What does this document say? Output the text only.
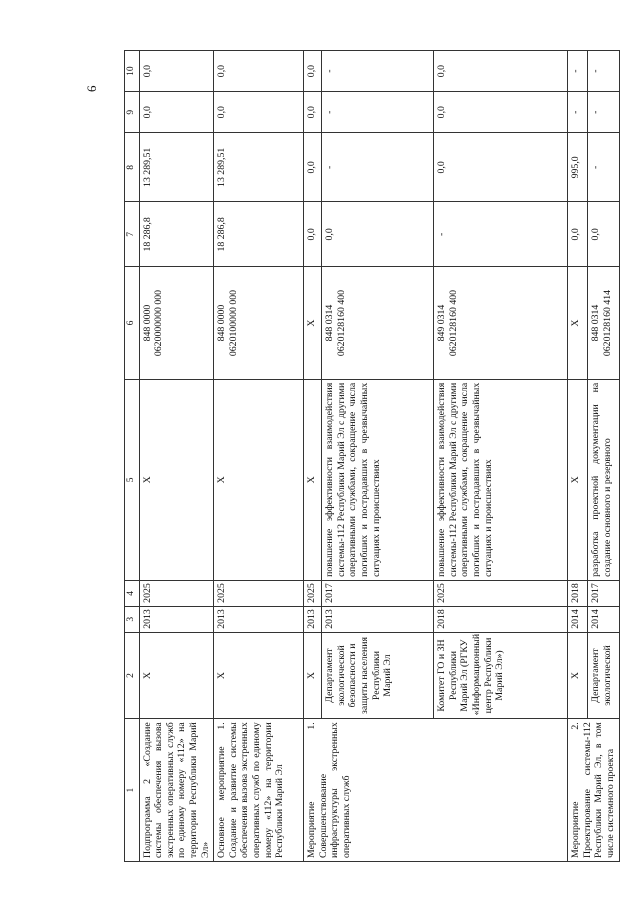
6
1	2	3	4	5	6	7	8	9	10
Подпрограмма 2 «Создание системы обеспечения вызова экстренных оперативных служб по единому номеру «112» на территории Республики Марий Эл»	Х	2013	2025	Х	848 0000 0620000000 000	18 286,8	13 289,51	0,0	0,0
Основное мероприятие 1. Создание и развитие системы обеспечения вызова экстренных оперативных служб по единому номеру «112» на территории Республики Марий Эл	Х	2013	2025	Х	848 0000 0620100000 000	18 286,8	13 289,51	0,0	0,0
Мероприятие 1. Совершенствование инфраструктуры экстренных оперативных служб	Х	2013	2025	Х	Х	0,0	0,0	0,0	0,0
	Департамент экологической безопасности и защиты населения Республики Марий Эл	2013	2017	повышение эффективности взаимодействия системы-112 Республики Марий Эл с другими оперативными службами, сокращение числа погибших и пострадавших в чрезвычайных ситуациях и происшествиях	848 0314 0620128160 400	0,0	-	-	-
	Комитет ГО и ЗН Республики Марий Эл (РГКУ «Информационный центр Республики Марий Эл»)	2018	2025	повышение эффективности взаимодействия системы-112 Республики Марий Эл с другими оперативными службами, сокращение числа погибших и пострадавших в чрезвычайных ситуациях и происшествиях	849 0314 0620128160 400	-	0,0	0,0	0,0
Мероприятие 2. Проектирование системы-112 Республики Марий Эл, в том числе системного проекта	Х	2014	2018	Х	Х	0,0	995,0	-	-
	Департамент экологической	2014	2017	разработка проектной документации на создание основного и резервного	848 0314 0620128160 414	0,0	-	-	-
